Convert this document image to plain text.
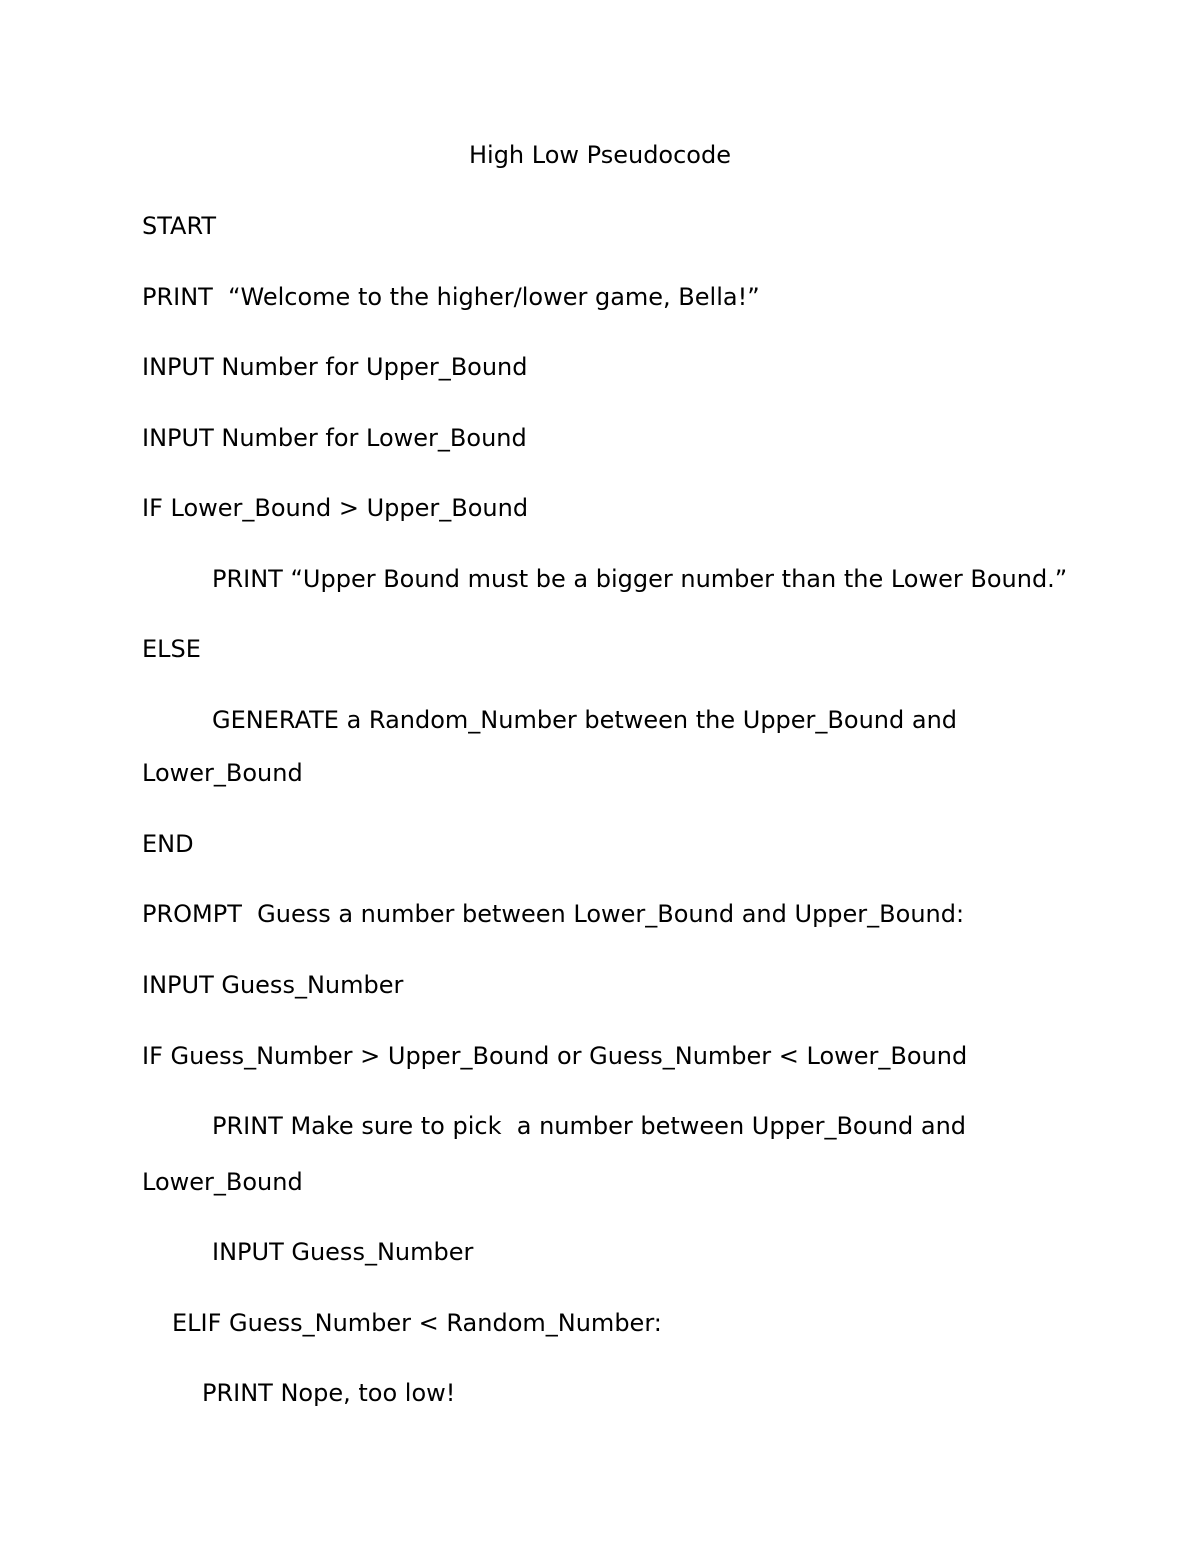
High Low Pseudocode
START
PRINT  “Welcome to the higher/lower game, Bella!”
INPUT Number for Upper_Bound
INPUT Number for Lower_Bound
IF Lower_Bound > Upper_Bound
PRINT “Upper Bound must be a bigger number than the Lower Bound.”
ELSE
GENERATE a Random_Number between the Upper_Bound and
Lower_Bound
END
PROMPT  Guess a number between Lower_Bound and Upper_Bound:
INPUT Guess_Number
IF Guess_Number > Upper_Bound or Guess_Number < Lower_Bound
PRINT Make sure to pick  a number between Upper_Bound and
Lower_Bound
INPUT Guess_Number
ELIF Guess_Number < Random_Number:
PRINT Nope, too low!
